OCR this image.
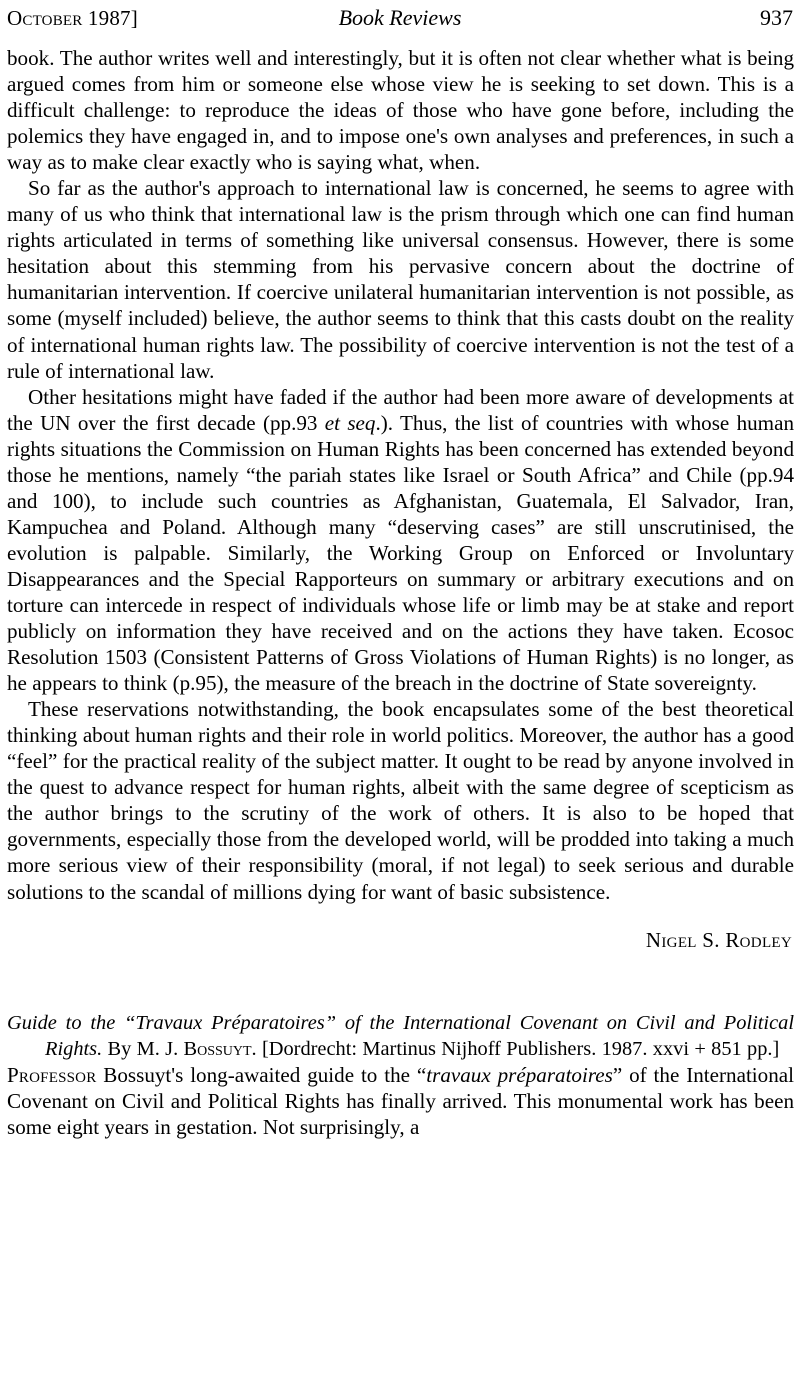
October 1987]	Book Reviews	937

book. The author writes well and interestingly, but it is often not clear whether what is being argued comes from him or someone else whose view he is seeking to set down. This is a difficult challenge: to reproduce the ideas of those who have gone before, including the polemics they have engaged in, and to impose one's own analyses and preferences, in such a way as to make clear exactly who is saying what, when.

So far as the author's approach to international law is concerned, he seems to agree with many of us who think that international law is the prism through which one can find human rights articulated in terms of something like universal consensus. However, there is some hesitation about this stemming from his pervasive concern about the doctrine of humanitarian intervention. If coercive unilateral humanitarian intervention is not possible, as some (myself included) believe, the author seems to think that this casts doubt on the reality of international human rights law. The possibility of coercive intervention is not the test of a rule of international law.

Other hesitations might have faded if the author had been more aware of developments at the UN over the first decade (pp.93 et seq.). Thus, the list of countries with whose human rights situations the Commission on Human Rights has been concerned has extended beyond those he mentions, namely “the pariah states like Israel or South Africa” and Chile (pp.94 and 100), to include such countries as Afghanistan, Guatemala, El Salvador, Iran, Kampuchea and Poland. Although many “deserving cases” are still unscrutinised, the evolution is palpable. Similarly, the Working Group on Enforced or Involuntary Disappearances and the Special Rapporteurs on summary or arbitrary executions and on torture can intercede in respect of individuals whose life or limb may be at stake and report publicly on information they have received and on the actions they have taken. Ecosoc Resolution 1503 (Consistent Patterns of Gross Violations of Human Rights) is no longer, as he appears to think (p.95), the measure of the breach in the doctrine of State sovereignty.

These reservations notwithstanding, the book encapsulates some of the best theoretical thinking about human rights and their role in world politics. Moreover, the author has a good “feel” for the practical reality of the subject matter. It ought to be read by anyone involved in the quest to advance respect for human rights, albeit with the same degree of scepticism as the author brings to the scrutiny of the work of others. It is also to be hoped that governments, especially those from the developed world, will be prodded into taking a much more serious view of their responsibility (moral, if not legal) to seek serious and durable solutions to the scandal of millions dying for want of basic subsistence.

Nigel S. Rodley

Guide to the “Travaux Préparatoires” of the International Covenant on Civil and Political Rights. By M. J. Bossuyt. [Dordrecht: Martinus Nijhoff Publishers. 1987. xxvi + 851 pp.]

Professor Bossuyt's long-awaited guide to the “travaux préparatoires” of the International Covenant on Civil and Political Rights has finally arrived. This monumental work has been some eight years in gestation. Not surprisingly, a
